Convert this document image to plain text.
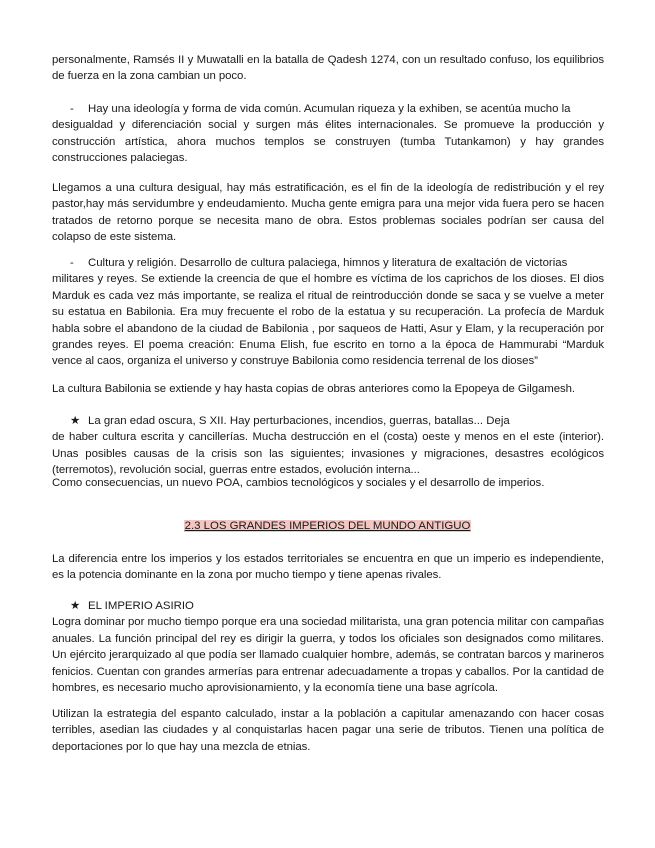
personalmente, Ramsés II y Muwatalli en la batalla de Qadesh 1274, con un resultado confuso, los equilibrios de fuerza en la zona cambian un poco.

- Hay una ideología y forma de vida común. Acumulan riqueza y la exhiben, se acentúa mucho la

desigualdad y diferenciación social y surgen más élites internacionales. Se promueve la producción y construcción artística, ahora muchos templos se construyen (tumba Tutankamon) y hay grandes construcciones palaciegas.

Llegamos a una cultura desigual, hay más estratificación, es el fin de la ideología de redistribución y el rey pastor,hay más servidumbre y endeudamiento. Mucha gente emigra para una mejor vida fuera pero se hacen tratados de retorno porque se necesita mano de obra. Estos problemas sociales podrían ser causa del colapso de este sistema.

- Cultura y religión. Desarrollo de cultura palaciega, himnos y literatura de exaltación de victorias

militares y reyes. Se extiende la creencia de que el hombre es víctima de los caprichos de los dioses. El dios Marduk es cada vez más importante, se realiza el ritual de reintroducción donde se saca y se vuelve a meter su estatua en Babilonia. Era muy frecuente el robo de la estatua y su recuperación. La profecía de Marduk habla sobre el abandono de la ciudad de Babilonia , por saqueos de Hatti, Asur y Elam, y la recuperación por grandes reyes. El poema creación: Enuma Elish, fue escrito en torno a la época de Hammurabi “Marduk vence al caos, organiza el universo y construye Babilonia como residencia terrenal de los dioses”

La cultura Babilonia se extiende y hay hasta copias de obras anteriores como la Epopeya de Gilgamesh.

★ La gran edad oscura, S XII. Hay perturbaciones, incendios, guerras, batallas... Deja

de haber cultura escrita y cancillerías. Mucha destrucción en el (costa) oeste y menos en el este (interior). Unas posibles causas de la crisis son las siguientes; invasiones y migraciones, desastres ecológicos (terremotos), revolución social, guerras entre estados, evolución interna...

Como consecuencias, un nuevo POA, cambios tecnológicos y sociales y el desarrollo de imperios.

2.3 LOS GRANDES IMPERIOS DEL MUNDO ANTIGUO

La diferencia entre los imperios y los estados territoriales se encuentra en que un imperio es independiente, es la potencia dominante en la zona por mucho tiempo y tiene apenas rivales.

★ EL IMPERIO ASIRIO

Logra dominar por mucho tiempo porque era una sociedad militarista, una gran potencia militar con campañas anuales. La función principal del rey es dirigir la guerra, y todos los oficiales son designados como militares. Un ejército jerarquizado al que podía ser llamado cualquier hombre, además, se contratan barcos y marineros fenicios. Cuentan con grandes armerías para entrenar adecuadamente a tropas y caballos. Por la cantidad de hombres, es necesario mucho aprovisionamiento, y la economía tiene una base agrícola.

Utilizan la estrategia del espanto calculado, instar a la población a capitular amenazando con hacer cosas terribles, asedian las ciudades y al conquistarlas hacen pagar una serie de tributos. Tienen una política de deportaciones por lo que hay una mezcla de etnias.
